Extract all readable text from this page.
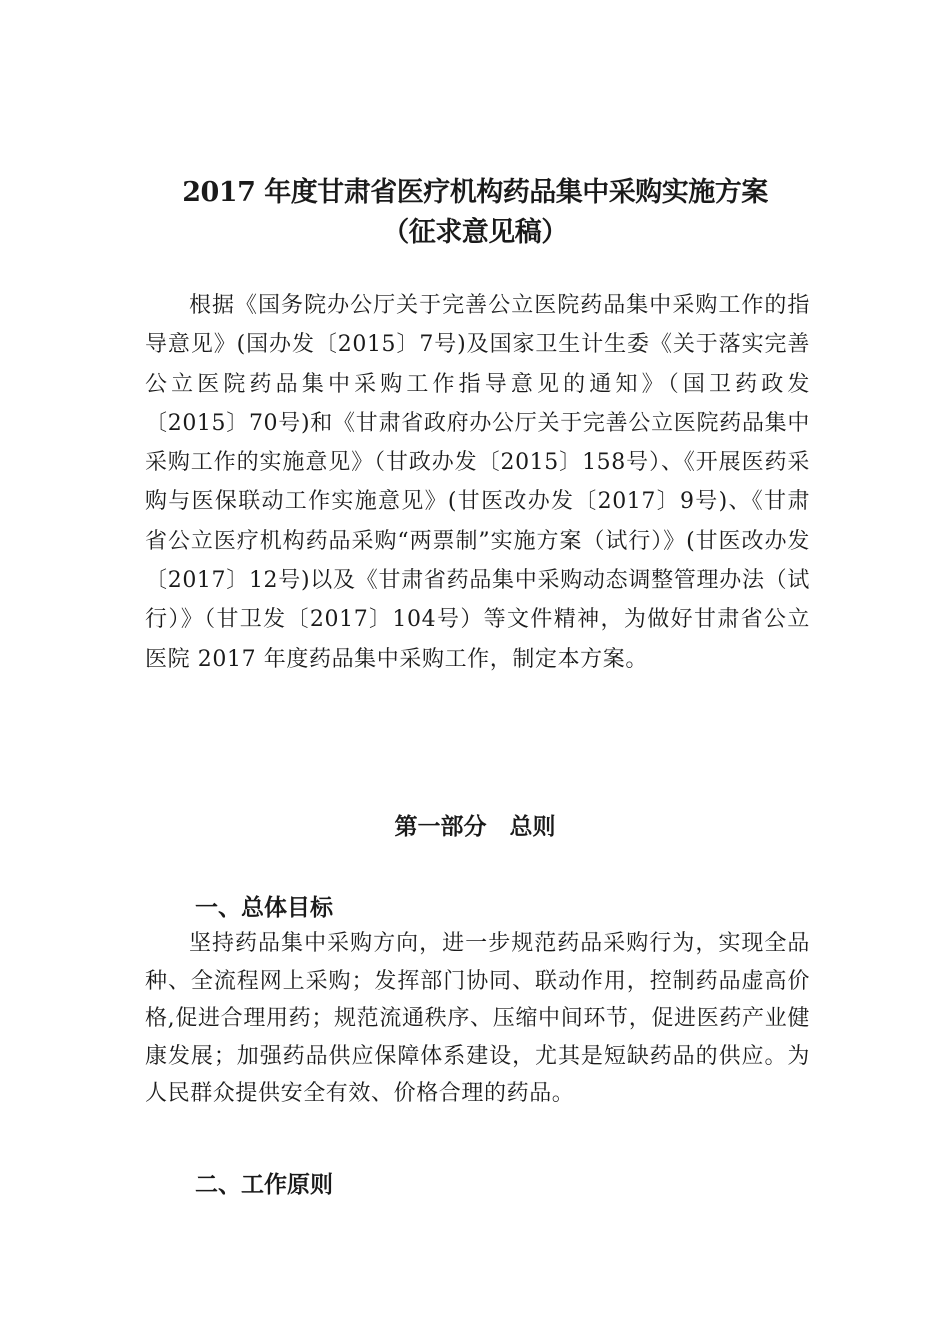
2017 年度甘肃省医疗机构药品集中采购实施方案
（征求意见稿）

根据《国务院办公厅关于完善公立医院药品集中采购工作的指导意见》(国办发〔2015〕7号)及国家卫生计生委《关于落实完善公立医院药品集中采购工作指导意见的通知》（国卫药政发〔2015〕70号)和《甘肃省政府办公厅关于完善公立医院药品集中采购工作的实施意见》（甘政办发〔2015〕158号）、《开展医药采购与医保联动工作实施意见》(甘医改办发〔2017〕9号)、《甘肃省公立医疗机构药品采购“两票制”实施方案（试行）》(甘医改办发〔2017〕12号)以及《甘肃省药品集中采购动态调整管理办法（试行）》（甘卫发〔2017〕104号）等文件精神，为做好甘肃省公立医院 2017 年度药品集中采购工作，制定本方案。

第一部分　总则
一、总体目标

坚持药品集中采购方向，进一步规范药品采购行为，实现全品种、全流程网上采购；发挥部门协同、联动作用，控制药品虚高价格,促进合理用药；规范流通秩序、压缩中间环节，促进医药产业健康发展；加强药品供应保障体系建设，尤其是短缺药品的供应。为人民群众提供安全有效、价格合理的药品。

二、工作原则
